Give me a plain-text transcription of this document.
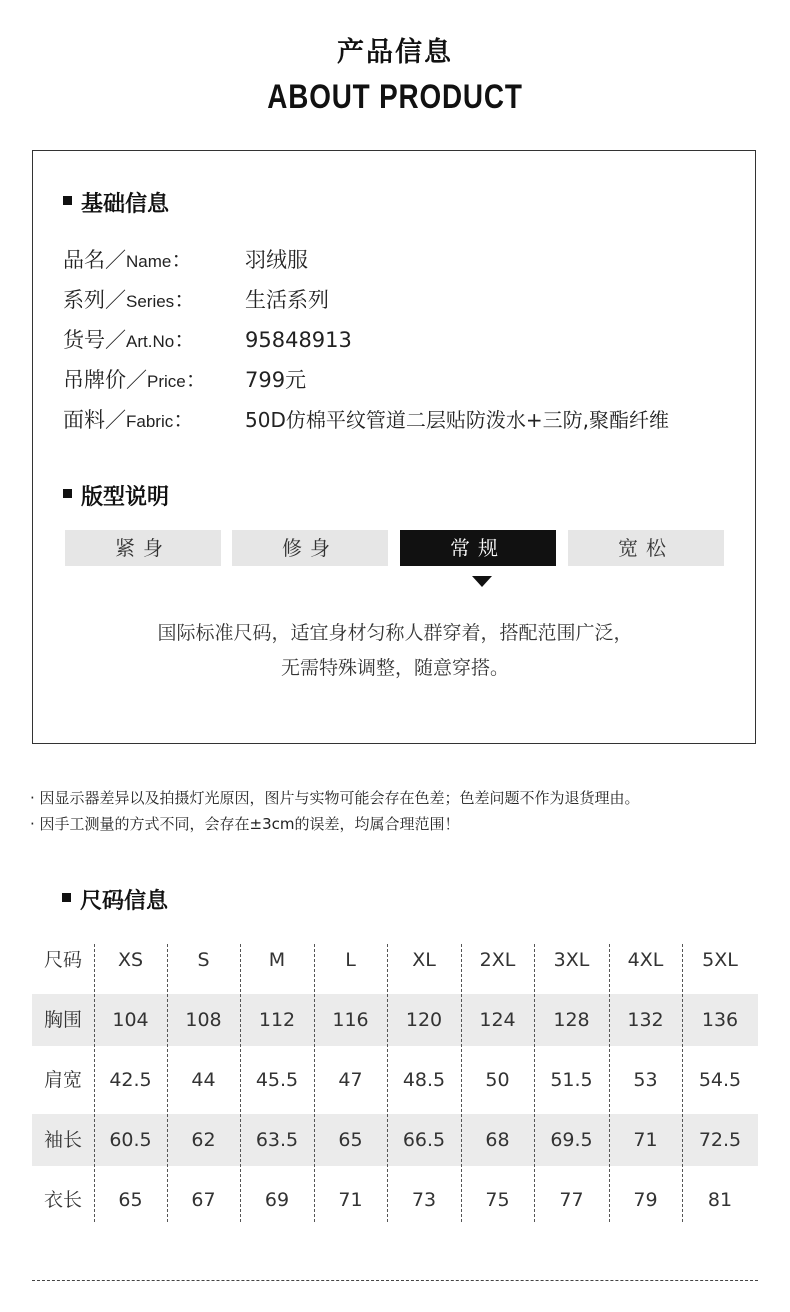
产品信息
ABOUT PRODUCT
基础信息
品名／Name：	羽绒服
系列／Series： 生活系列
货号／Art.No： 95848913
吊牌价／Price： 799元
面料／Fabric：	50D仿棉平纹管道二层贴防泼水+三防,聚酯纤维
版型说明
紧身	修身	常规	宽松
国际标准尺码，适宜身材匀称人群穿着，搭配范围广泛，
无需特殊调整，随意穿搭。
· 因显示器差异以及拍摄灯光原因，图片与实物可能会存在色差；色差问题不作为退货理由。
· 因手工测量的方式不同，会存在±3cm的误差，均属合理范围！
尺码信息
尺码	XS	S	M	L	XL	2XL	3XL	4XL	5XL
胸围	104	108	112	116	120	124	128	132	136
肩宽	42.5	44	45.5	47	48.5	50	51.5	53	54.5
袖长	60.5	62	63.5	65	66.5	68	69.5	71	72.5
衣长	65	67	69	71	73	75	77	79	81
